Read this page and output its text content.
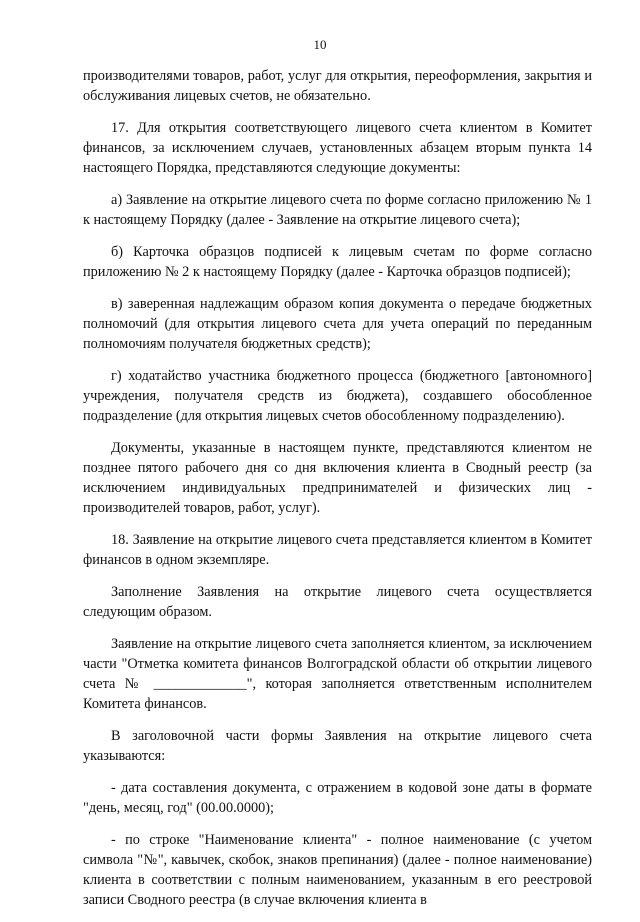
10

производителями товаров, работ, услуг для открытия, переоформления, закрытия и обслуживания лицевых счетов, не обязательно.

17. Для открытия соответствующего лицевого счета клиентом в Комитет финансов, за исключением случаев, установленных абзацем вторым пункта 14 настоящего Порядка, представляются следующие документы:

а) Заявление на открытие лицевого счета по форме согласно приложению № 1 к настоящему Порядку (далее - Заявление на открытие лицевого счета);

б) Карточка образцов подписей к лицевым счетам по форме согласно приложению № 2 к настоящему Порядку (далее - Карточка образцов подписей);

в) заверенная надлежащим образом копия документа о передаче бюджетных полномочий (для открытия лицевого счета для учета операций по переданным полномочиям получателя бюджетных средств);

г) ходатайство участника бюджетного процесса (бюджетного [автономного] учреждения, получателя средств из бюджета), создавшего обособленное подразделение (для открытия лицевых счетов обособленному подразделению).

Документы, указанные в настоящем пункте, представляются клиентом не позднее пятого рабочего дня со дня включения клиента в Сводный реестр (за исключением индивидуальных предпринимателей и физических лиц - производителей товаров, работ, услуг).

18. Заявление на открытие лицевого счета представляется клиентом в Комитет финансов в одном экземпляре.

Заполнение Заявления на открытие лицевого счета осуществляется следующим образом.

Заявление на открытие лицевого счета заполняется клиентом, за исключением части "Отметка комитета финансов Волгоградской области об открытии лицевого счета № _____________", которая заполняется ответственным исполнителем Комитета финансов.

В заголовочной части формы Заявления на открытие лицевого счета указываются:

- дата составления документа, с отражением в кодовой зоне даты в формате "день, месяц, год" (00.00.0000);

- по строке "Наименование клиента" - полное наименование (с учетом символа "№", кавычек, скобок, знаков препинания) (далее - полное наименование) клиента в соответствии с полным наименованием, указанным в его реестровой записи Сводного реестра (в случае включения клиента в
